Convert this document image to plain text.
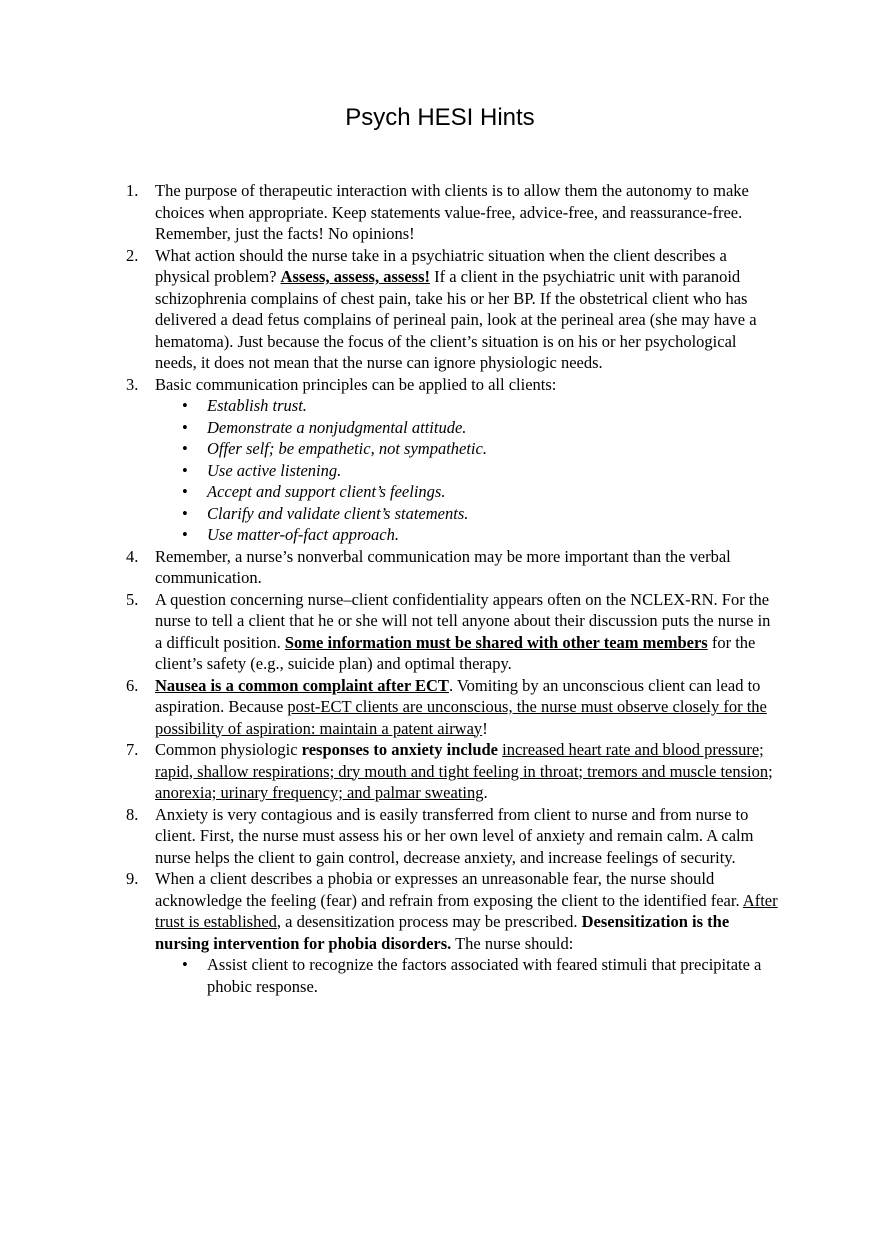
Psych HESI Hints
1. The purpose of therapeutic interaction with clients is to allow them the autonomy to make choices when appropriate. Keep statements value-free, advice-free, and reassurance-free. Remember, just the facts! No opinions!
2. What action should the nurse take in a psychiatric situation when the client describes a physical problem? Assess, assess, assess! If a client in the psychiatric unit with paranoid schizophrenia complains of chest pain, take his or her BP. If the obstetrical client who has delivered a dead fetus complains of perineal pain, look at the perineal area (she may have a hematoma). Just because the focus of the client’s situation is on his or her psychological needs, it does not mean that the nurse can ignore physiologic needs.
3. Basic communication principles can be applied to all clients:
• Establish trust.
• Demonstrate a nonjudgmental attitude.
• Offer self; be empathetic, not sympathetic.
• Use active listening.
• Accept and support client’s feelings.
• Clarify and validate client’s statements.
• Use matter-of-fact approach.
4. Remember, a nurse’s nonverbal communication may be more important than the verbal communication.
5. A question concerning nurse–client confidentiality appears often on the NCLEX-RN. For the nurse to tell a client that he or she will not tell anyone about their discussion puts the nurse in a difficult position. Some information must be shared with other team members for the client’s safety (e.g., suicide plan) and optimal therapy.
6. Nausea is a common complaint after ECT. Vomiting by an unconscious client can lead to aspiration. Because post-ECT clients are unconscious, the nurse must observe closely for the possibility of aspiration: maintain a patent airway!
7. Common physiologic responses to anxiety include increased heart rate and blood pressure; rapid, shallow respirations; dry mouth and tight feeling in throat; tremors and muscle tension; anorexia; urinary frequency; and palmar sweating.
8. Anxiety is very contagious and is easily transferred from client to nurse and from nurse to client. First, the nurse must assess his or her own level of anxiety and remain calm. A calm nurse helps the client to gain control, decrease anxiety, and increase feelings of security.
9. When a client describes a phobia or expresses an unreasonable fear, the nurse should acknowledge the feeling (fear) and refrain from exposing the client to the identified fear. After trust is established, a desensitization process may be prescribed. Desensitization is the nursing intervention for phobia disorders. The nurse should:
• Assist client to recognize the factors associated with feared stimuli that precipitate a phobic response.
